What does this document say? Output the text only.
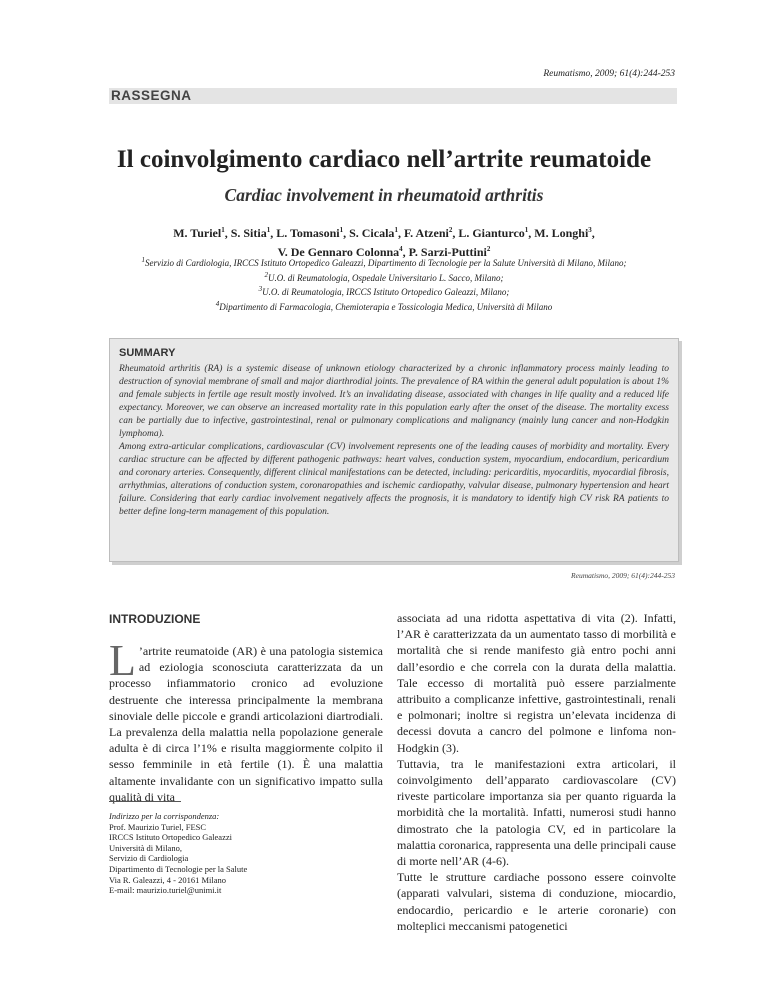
Reumatismo, 2009; 61(4):244-253
RASSEGNA
Il coinvolgimento cardiaco nell’artrite reumatoide
Cardiac involvement in rheumatoid arthritis
M. Turiel$^1$, S. Sitia$^1$, L. Tomasoni$^1$, S. Cicala$^1$, F. Atzeni$^2$, L. Gianturco$^1$, M. Longhi$^3$,
V. De Gennaro Colonna$^4$, P. Sarzi-Puttini$^2$
$^1$Servizio di Cardiologia, IRCCS Istituto Ortopedico Galeazzi, Dipartimento di Tecnologie per la Salute Università di Milano, Milano;
$^2$U.O. di Reumatologia, Ospedale Universitario L. Sacco, Milano;
$^3$U.O. di Reumatologia, IRCCS Istituto Ortopedico Galeazzi, Milano;
$^4$Dipartimento di Farmacologia, Chemioterapia e Tossicologia Medica, Università di Milano
SUMMARY

Rheumatoid arthritis (RA) is a systemic disease of unknown etiology characterized by a chronic inflammatory process mainly leading to destruction of synovial membrane of small and major diarthrodial joints. The prevalence of RA within the general adult population is about 1% and female subjects in fertile age result mostly involved. It’s an invalidating disease, associated with changes in life quality and a reduced life expectancy. Moreover, we can observe an increased mortality rate in this population early after the onset of the disease. The mortality excess can be partially due to infective, gastrointestinal, renal or pulmonary complications and malignancy (mainly lung cancer and non-Hodgkin lymphoma).

Among extra-articular complications, cardiovascular (CV) involvement represents one of the leading causes of morbidity and mortality. Every cardiac structure can be affected by different pathogenic pathways: heart valves, conduction system, myocardium, endocardium, pericardium and coronary arteries. Consequently, different clinical manifestations can be detected, including: pericarditis, myocarditis, myocardial fibrosis, arrhythmias, alterations of conduction system, coronaropathies and ischemic cardiopathy, valvular disease, pulmonary hypertension and heart failure. Considering that early cardiac involvement negatively affects the prognosis, it is mandatory to identify high CV risk RA patients to better define long-term management of this population.

Reumatismo, 2009; 61(4):244-253
INTRODUZIONE
L ’artrite reumatoide (AR) è una patologia sistemica ad eziologia sconosciuta caratterizzata da un processo infiammatorio cronico ad evoluzione destruente che interessa principalmente la membrana sinoviale delle piccole e grandi articolazioni diartrodiali. La prevalenza della malattia nella popolazione generale adulta è di circa l’1% e risulta maggiormente colpito il sesso femminile in età fertile (1). È una malattia altamente invalidante con un significativo impatto sulla qualità di vita
Indirizzo per la corrispondenza:
Prof. Maurizio Turiel, FESC
IRCCS Istituto Ortopedico Galeazzi
Università di Milano,
Servizio di Cardiologia
Dipartimento di Tecnologie per la Salute
Via R. Galeazzi, 4 - 20161 Milano
E-mail: maurizio.turiel@unimi.it

associata ad una ridotta aspettativa di vita (2). Infatti, l’AR è caratterizzata da un aumentato tasso di morbilità e mortalità che si rende manifesto già entro pochi anni dall’esordio e che correla con la durata della malattia. Tale eccesso di mortalità può essere parzialmente attribuito a complicanze infettive, gastrointestinali, renali e polmonari; inoltre si registra un’elevata incidenza di decessi dovuta a cancro del polmone e linfoma non-Hodgkin (3).

Tuttavia, tra le manifestazioni extra articolari, il coinvolgimento dell’apparato cardiovascolare (CV) riveste particolare importanza sia per quanto riguarda la morbidità che la mortalità. Infatti, numerosi studi hanno dimostrato che la patologia CV, ed in particolare la malattia coronarica, rappresenta una delle principali cause di morte nell’AR (4-6).

Tutte le strutture cardiache possono essere coinvolte (apparati valvulari, sistema di conduzione, miocardio, endocardio, pericardio e le arterie coronarie) con molteplici meccanismi patogenetici
